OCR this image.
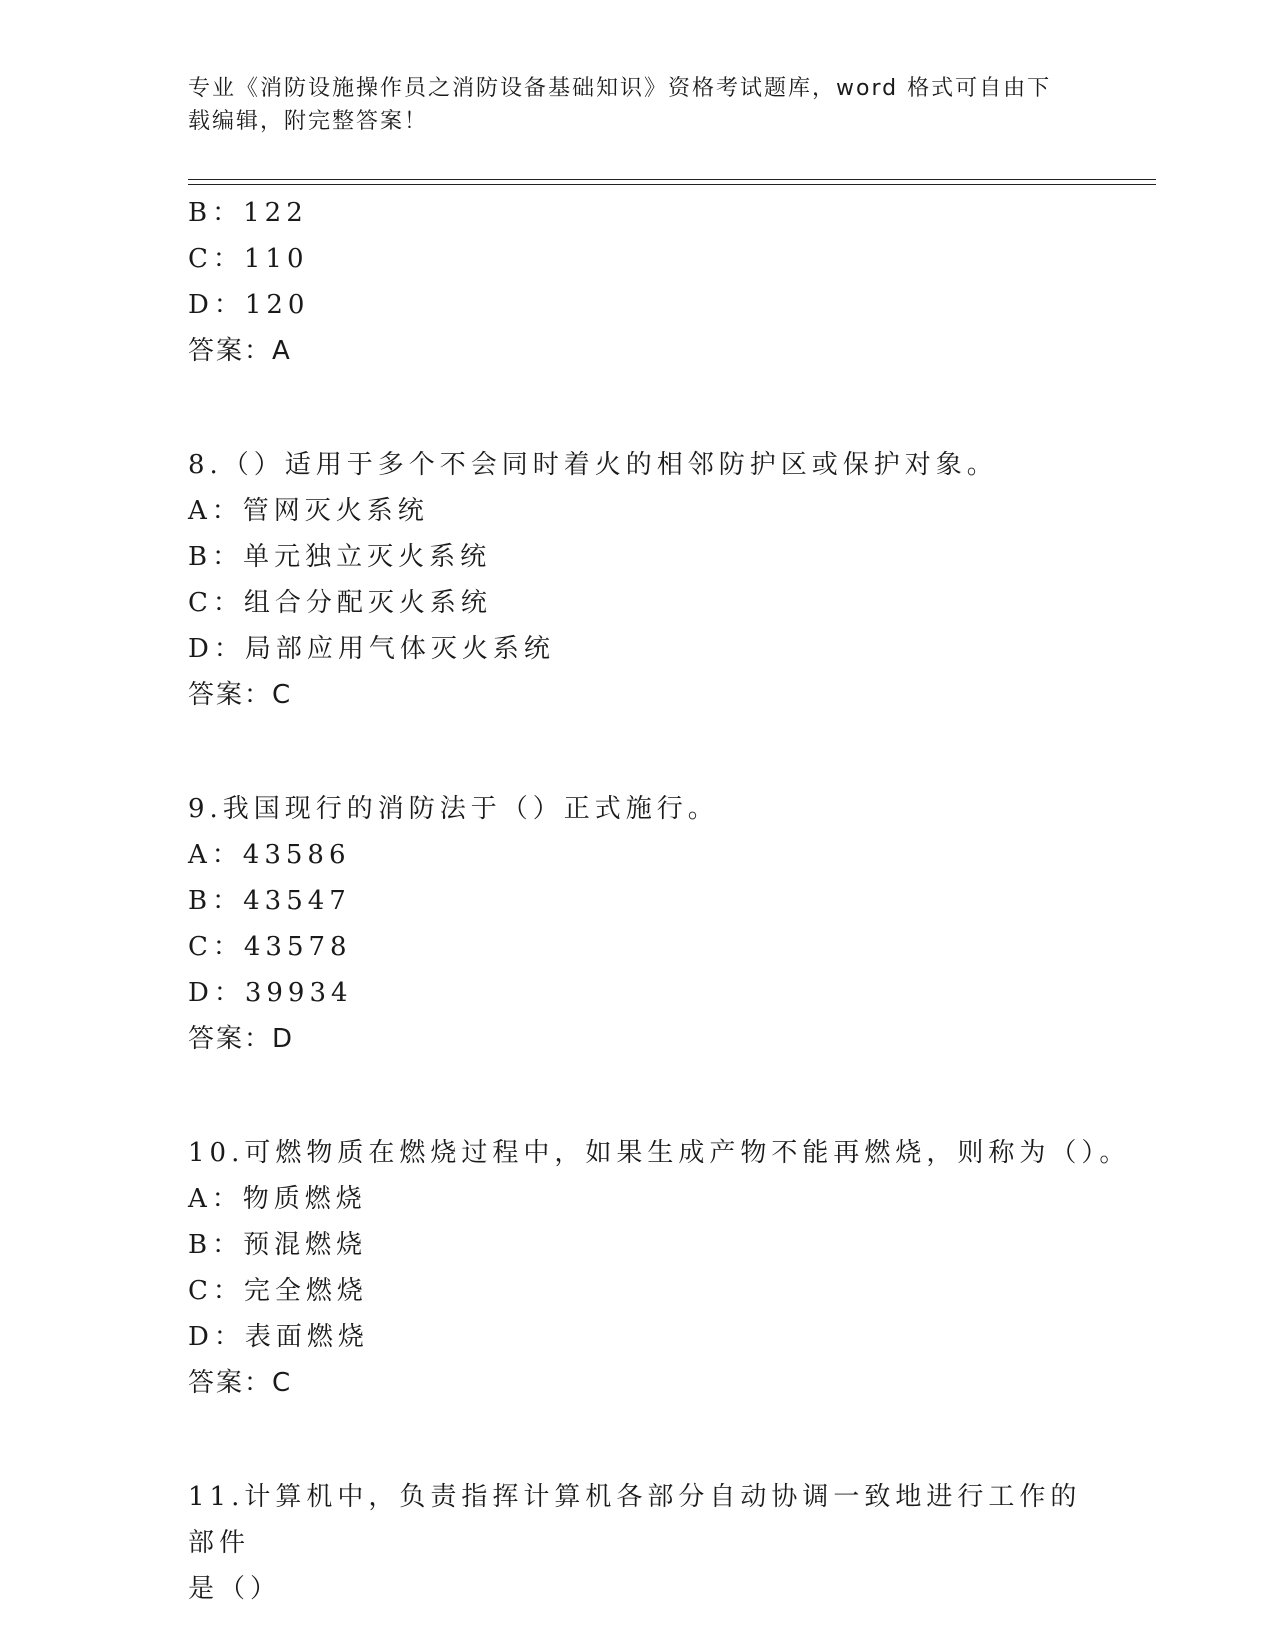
专业《消防设施操作员之消防设备基础知识》资格考试题库，word 格式可自由下
载编辑，附完整答案！
B：122
C：110
D：120
答案：A
8.（）适用于多个不会同时着火的相邻防护区或保护对象。
A：管网灭火系统
B：单元独立灭火系统
C：组合分配灭火系统
D：局部应用气体灭火系统
答案：C
9.我国现行的消防法于（）正式施行。
A：43586
B：43547
C：43578
D：39934
答案：D
10.可燃物质在燃烧过程中，如果生成产物不能再燃烧，则称为（）。
A：物质燃烧
B：预混燃烧
C：完全燃烧
D：表面燃烧
答案：C
11.计算机中，负责指挥计算机各部分自动协调一致地进行工作的部件
是（）
